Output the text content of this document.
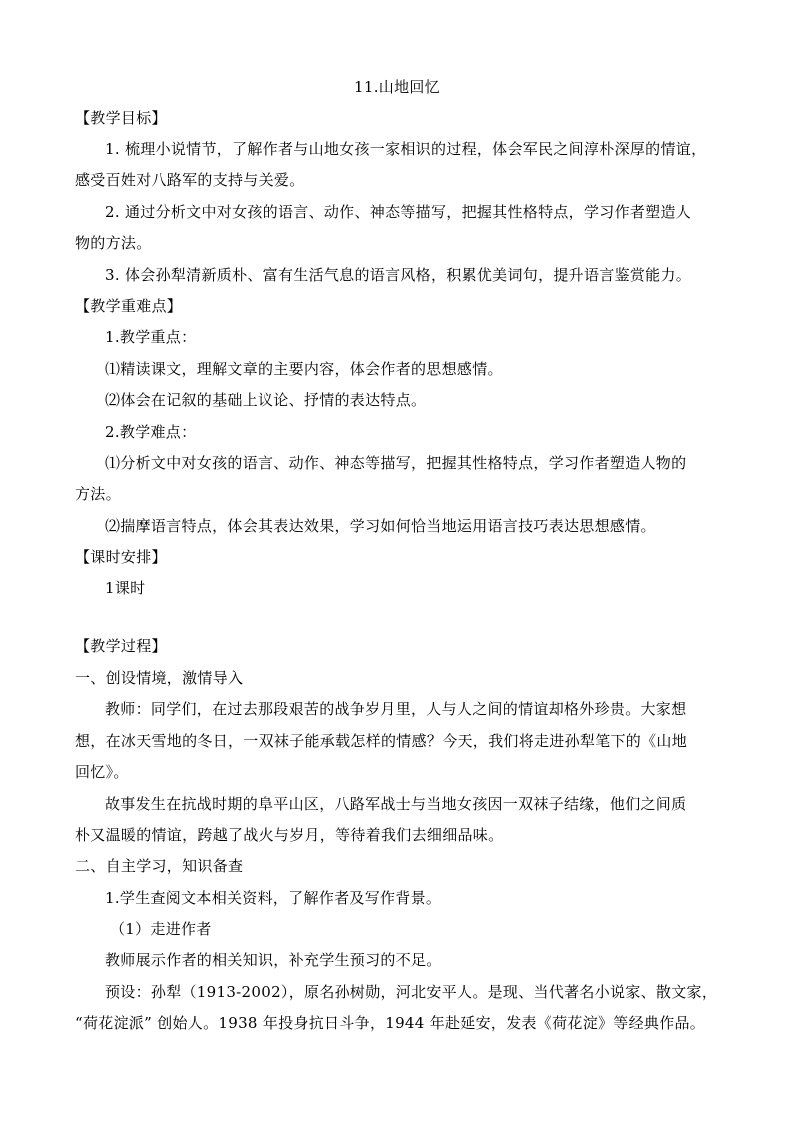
11.山地回忆
【教学目标】
1. 梳理小说情节，了解作者与山地女孩一家相识的过程，体会军民之间淳朴深厚的情谊，
感受百姓对八路军的支持与关爱。
2. 通过分析文中对女孩的语言、动作、神态等描写，把握其性格特点，学习作者塑造人
物的方法。
3. 体会孙犁清新质朴、富有生活气息的语言风格，积累优美词句，提升语言鉴赏能力。
【教学重难点】
1.教学重点：
⑴精读课文，理解文章的主要内容，体会作者的思想感情。
⑵体会在记叙的基础上议论、抒情的表达特点。
2.教学难点：
⑴分析文中对女孩的语言、动作、神态等描写，把握其性格特点，学习作者塑造人物的
方法。
⑵揣摩语言特点，体会其表达效果，学习如何恰当地运用语言技巧表达思想感情。
【课时安排】
1课时
【教学过程】
一、创设情境，激情导入
教师：同学们，在过去那段艰苦的战争岁月里，人与人之间的情谊却格外珍贵。大家想
想，在冰天雪地的冬日，一双袜子能承载怎样的情感？今天，我们将走进孙犁笔下的《山地
回忆》。
故事发生在抗战时期的阜平山区，八路军战士与当地女孩因一双袜子结缘，他们之间质
朴又温暖的情谊，跨越了战火与岁月，等待着我们去细细品味。
二、自主学习，知识备查
1.学生查阅文本相关资料，了解作者及写作背景。
（1）走进作者
教师展示作者的相关知识，补充学生预习的不足。
预设：孙犁（1913-2002），原名孙树勋，河北安平人。是现、当代著名小说家、散文家，
“荷花淀派” 创始人。1938 年投身抗日斗争，1944 年赴延安，发表《荷花淀》等经典作品。
